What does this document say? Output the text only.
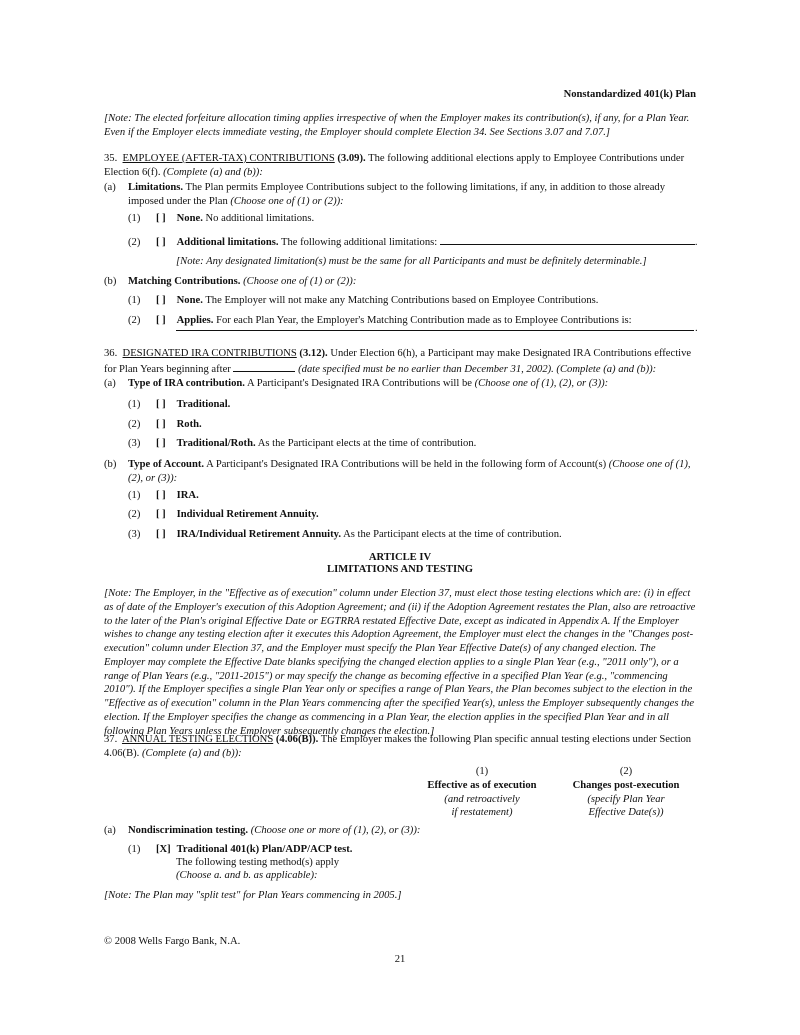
Nonstandardized 401(k) Plan

[Note: The elected forfeiture allocation timing applies irrespective of when the Employer makes its contribution(s), if any, for a Plan Year. Even if the Employer elects immediate vesting, the Employer should complete Election 34. See Sections 3.07 and 7.07.]

35. EMPLOYEE (AFTER-TAX) CONTRIBUTIONS (3.09). The following additional elections apply to Employee Contributions under Election 6(f). (Complete (a) and (b)):

(a) Limitations. The Plan permits Employee Contributions subject to the following limitations, if any, in addition to those already imposed under the Plan (Choose one of (1) or (2)):

(1) [ ] None. No additional limitations.
(2) [ ] Additional limitations. The following additional limitations:	.

[Note: Any designated limitation(s) must be the same for all Participants and must be definitely determinable.]

(b) Matching Contributions. (Choose one of (1) or (2)):

(1) [ ] None. The Employer will not make any Matching Contributions based on Employee Contributions.
(2) [ ] Applies. For each Plan Year, the Employer's Matching Contribution made as to Employee Contributions is:
.

36. DESIGNATED IRA CONTRIBUTIONS (3.12). Under Election 6(h), a Participant may make Designated IRA Contributions effective for Plan Years beginning after	(date specified must be no earlier than December 31, 2002). (Complete (a) and (b)):

(a) Type of IRA contribution. A Participant's Designated IRA Contributions will be (Choose one of (1), (2), or (3)):

(1) [ ] Traditional.
(2) [ ] Roth.
(3) [ ] Traditional/Roth. As the Participant elects at the time of contribution.
(b) Type of Account. A Participant's Designated IRA Contributions will be held in the following form of Account(s) (Choose one of (1), (2), or (3)):

(1) [ ] IRA.
(2) [ ] Individual Retirement Annuity.
(3) [ ] IRA/Individual Retirement Annuity. As the Participant elects at the time of contribution.
ARTICLE IV
LIMITATIONS AND TESTING

[Note: The Employer, in the "Effective as of execution" column under Election 37, must elect those testing elections which are: (i) in effect as of date of the Employer's execution of this Adoption Agreement; and (ii) if the Adoption Agreement restates the Plan, also are retroactive to the later of the Plan's original Effective Date or EGTRRA restated Effective Date, except as indicated in Appendix A. If the Employer wishes to change any testing election after it executes this Adoption Agreement, the Employer must elect the changes in the "Changes post-execution" column under Election 37, and the Employer must specify the Plan Year Effective Date(s) of any changed election. The Employer may complete the Effective Date blanks specifying the changed election applies to a single Plan Year (e.g., "2011 only"), or a range of Plan Years (e.g., "2011-2015") or may specify the change as becoming effective in a specified Plan Year (e.g., "commencing 2010"). If the Employer specifies a single Plan Year only or specifies a range of Plan Years, the Plan becomes subject to the election in the "Effective as of execution" column in the Plan Years commencing after the specified Year(s), unless the Employer subsequently changes the election. If the Employer specifies the change as commencing in a Plan Year, the election applies in the specified Plan Year and in all following Plan Years unless the Employer subsequently changes the election.]

37. ANNUAL TESTING ELECTIONS (4.06(B)). The Employer makes the following Plan specific annual testing elections under Section 4.06(B). (Complete (a) and (b)):

(1)
Effective as of execution
(and retroactively
if restatement)
(2)
Changes post-execution
(specify Plan Year
Effective Date(s))
(a) Nondiscrimination testing. (Choose one or more of (1), (2), or (3)):

(1) [X] Traditional 401(k) Plan/ADP/ACP test.
The following testing method(s) apply
(Choose a. and b. as applicable):

[Note: The Plan may "split test" for Plan Years commencing in 2005.]

© 2008 Wells Fargo Bank, N.A.
21
